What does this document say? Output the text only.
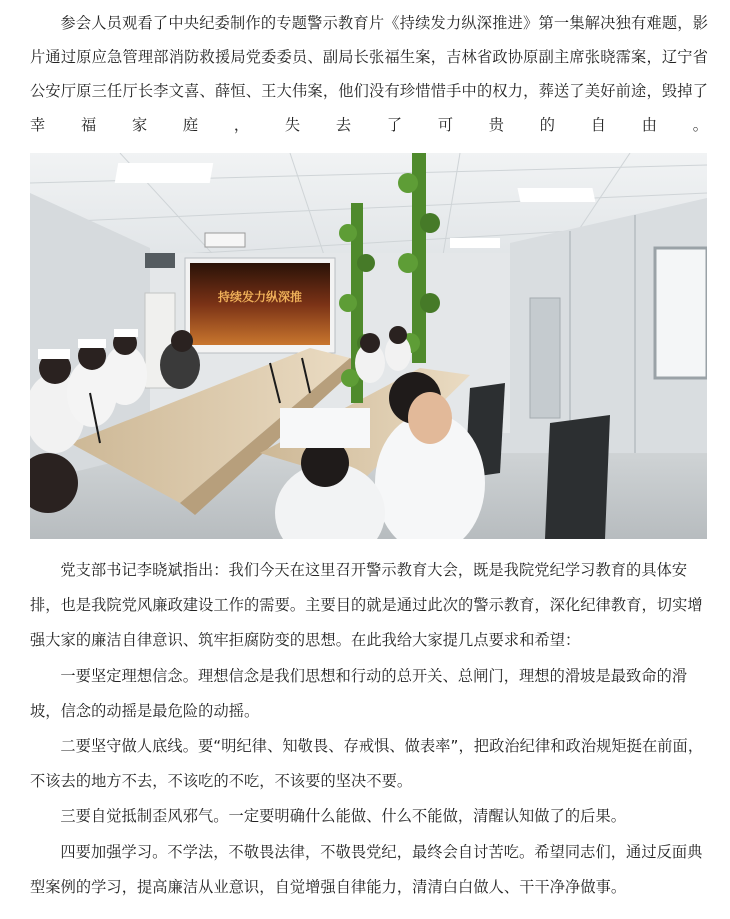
参会人员观看了中央纪委制作的专题警示教育片《持续发力纵深推进》第一集解决独有难题，影片通过原应急管理部消防救援局党委委员、副局长张福生案，吉林省政协原副主席张晓霈案，辽宁省公安厅原三任厅长李文喜、薛恒、王大伟案，他们没有珍惜惜手中的权力，葬送了美好前途，毁掉了幸福家庭，失去了可贵的自由。

持续发力纵深推

党支部书记李晓斌指出：我们今天在这里召开警示教育大会，既是我院党纪学习教育的具体安排，也是我院党风廉政建设工作的需要。主要目的就是通过此次的警示教育，深化纪律教育，切实增强大家的廉洁自律意识、筑牢拒腐防变的思想。在此我给大家提几点要求和希望：

一要坚定理想信念。理想信念是我们思想和行动的总开关、总闸门，理想的滑坡是最致命的滑坡，信念的动摇是最危险的动摇。

二要坚守做人底线。要“明纪律、知敬畏、存戒惧、做表率”，把政治纪律和政治规矩挺在前面，不该去的地方不去，不该吃的不吃，不该要的坚决不要。

三要自觉抵制歪风邪气。一定要明确什么能做、什么不能做，清醒认知做了的后果。

四要加强学习。不学法，不敬畏法律，不敬畏党纪，最终会自讨苦吃。希望同志们，通过反面典型案例的学习，提高廉洁从业意识，自觉增强自律能力，清清白白做人、干干净净做事。
